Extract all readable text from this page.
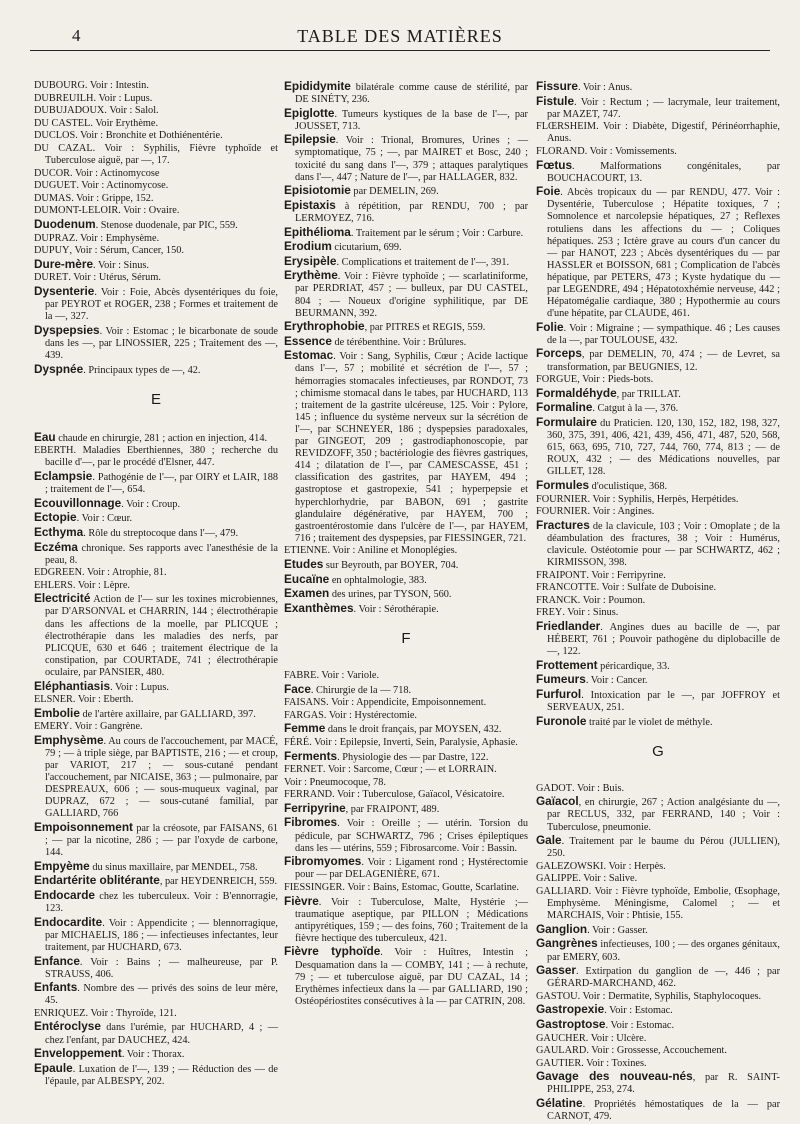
TABLE DES MATIÈRES
4
DUBOURG. Voir : Intestin.
DUBREUILH. Voir : Lupus.
DUBUJADOUX. Voir : Salol.
DU CASTEL. Voir Erythème.
DUCLOS. Voir : Bronchite et Dothiénentérie.
DU CAZAL. Voir : Syphilis, Fièvre typhoïde et Tuberculose aiguë, par —, 17.
DUCOR. Voir : Actinomycose
DUGUET. Voir : Actinomycose.
DUMAS. Voir : Grippe, 152.
DUMONT-LELOIR. Voir : Ovaire.
Duodenum. Stenose duodenale, par PIC, 559.
DUPRAZ. Voir : Emphysème.
DUPUY, Voir : Sérum, Cancer, 150.
Dure-mère. Voir : Sinus.
DURET. Voir : Utérus, Sérum.
Dysenterie. Voir : Foie, Abcès dysentériques du foie, par PEYROT et ROGER, 238 ; Formes et traitement de la —, 327.
Dyspepsies. Voir : Estomac ; le bicarbonate de soude dans les —, par LINOSSIER, 225 ; Traitement des —, 439.
Dyspnée. Principaux types de —, 42.
E
Eau chaude en chirurgie, 281 ; action en injection, 414.
EBERTH. Maladies Eberthiennes, 380 ; recherche du bacille d'—, par le procédé d'Elsner, 447.
Eclampsie. Pathogénie de l'—, par OIRY et LAIR, 188 ; traitement de l'—, 654.
Ecouvillonnage. Voir : Croup.
Ectopie. Voir : Cœur.
Ecthyma. Rôle du streptocoque dans l'—, 479.
Eczéma chronique. Ses rapports avec l'anesthésie de la peau, 8.
EDGREEN. Voir : Atrophie, 81.
EHLERS. Voir : Lèpre.
Electricité Action de l'— sur les toxines microbiennes, par D'ARSONVAL et CHARRIN, 144 ; électrothérapie dans les affections de la moelle, par PLICQUE ; électrothérapie dans les maladies des nerfs, par PLICQUE, 630 et 646 ; traitement électrique de la constipation, par COURTADE, 741 ; électrothérapie oculaire, par PANSIER, 480.
Eléphantiasis. Voir : Lupus.
ELSNER. Voir : Eberth.
Embolie de l'artère axillaire, par GALLIARD, 397.
EMERY. Voir : Gangrène.
Emphysème. Au cours de l'accouchement, par MACÉ, 79 ; — à triple siège, par BAPTISTE, 216 ; — et croup, par VARIOT, 217 ; — sous-cutané pendant l'accouchement, par NICAISE, 363 ; — pulmonaire, par DESPREAUX, 606 ; — sous-muqueux vaginal, par DUPRAZ, 672 ; — sous-cutané familial, par GALLIARD, 766
Empoisonnement par la créosote, par FAISANS, 61 ; — par la nicotine, 286 ; — par l'oxyde de carbone, 144.
Empyème du sinus maxillaire, par MENDEL, 758.
Endartérite oblitérante, par HEYDENREICH, 559.
Endocarde chez les tuberculeux. Voir : B'ennorragie, 123.
Endocardite. Voir : Appendicite ; — blennorragique, par MICHAELIS, 186 ; — infectieuses infectantes, leur traitement, par HUCHARD, 673.
Enfance. Voir : Bains ; — malheureuse, par P. STRAUSS, 406.
Enfants. Nombre des — privés des soins de leur mère, 45.
ENRIQUEZ. Voir : Thyroïde, 121.
Entéroclyse dans l'urémie, par HUCHARD, 4 ; — chez l'enfant, par DAUCHEZ, 424.
Enveloppement. Voir : Thorax.
Epaule. Luxation de l'—, 139 ; — Réduction des — de l'épaule, par ALBESPY, 202.
Epididymite bilatérale comme cause de stérilité, par DE SINÉTY, 236.
Epiglotte. Tumeurs kystiques de la base de l'—, par JOUSSET, 713.
Epilepsie. Voir : Trional, Bromures, Urines ; — symptomatique, 75 ; —, par MAIRET et Bosc, 240 ; toxicité du sang dans l'—, 379 ; attaques paralytiques dans l'—, 447 ; Nature de l'—, par HALLAGER, 832.
Episiotomie par DEMELIN, 269.
Epistaxis à répétition, par RENDU, 700 ; par LERMOYEZ, 716.
Epithélioma. Traitement par le sérum ; Voir : Carbure.
Erodium cicutarium, 699.
Erysipèle. Complications et traitement de l'—, 391.
Erythème. Voir : Fièvre typhoïde ; — scarlatiniforme, par PERDRIAT, 457 ; — bulleux, par DU CASTEL, 804 ; — Noueux d'origine syphilitique, par DE BEURMANN, 392.
Erythrophobie, par PITRES et REGIS, 559.
Essence de térébenthine. Voir : Brûlures.
Estomac. Voir : Sang, Syphilis, Cœur ; Acide lactique dans l'—, 57 ; mobilité et sécrétion de l'—, 57 ; hémorragies stomacales infectieuses, par RONDOT, 73 ; chimisme stomacal dans le tabes, par HUCHARD, 113 ; traitement de la gastrite ulcéreuse, 125. Voir : Pylore, 145 ; influence du système nerveux sur la sécrétion de l'—, par SCHNEYER, 186 ; dyspepsies paradoxales, par GINGEOT, 209 ; gastrodiaphonoscopie, par REVIDZOFF, 350 ; bactériologie des fièvres gastriques, 414 ; dilatation de l'—, par CAMESCASSE, 451 ; classification des gastrites, par HAYEM, 494 ; gastroptose et gastropexie, 541 ; hyperpepsie et hyperchlorhydrie, par BABON, 691 ; gastrite glandulaire dégénérative, par HAYEM, 700 ; gastroentérostomie dans l'ulcère de l'—, par HAYEM, 716 ; traitement des dyspepsies, par FIESSINGER, 721.
ETIENNE. Voir : Aniline et Monoplégies.
Etudes sur Beyrouth, par BOYER, 704.
Eucaïne en ophtalmologie, 383.
Examen des urines, par TYSON, 560.
Exanthèmes. Voir : Sérothérapie.
F
FABRE. Voir : Variole.
Face. Chirurgie de la — 718.
FAISANS. Voir : Appendicite, Empoisonnement.
FARGAS. Voir : Hystérectomie.
Femme dans le droit français, par MOYSEN, 432.
FÉRÉ. Voir : Epilepsie, Inverti, Sein, Paralysie, Aphasie.
Ferments. Physiologie des — par Dastre, 122.
FERNET. Voir : Sarcome, Cœur ; — et LORRAIN.
Voir : Pneumocoque, 78.
FERRAND. Voir : Tuberculose, Gaïacol, Vésicatoire.
Ferripyrine, par FRAIPONT, 489.
Fibromes. Voir : Oreille ; — utérin. Torsion du pédicule, par SCHWARTZ, 796 ; Crises épileptiques dans les — utérins, 559 ; Fibrosarcome. Voir : Bassin.
Fibromyomes. Voir : Ligament rond ; Hystérectomie pour — par DELAGENIÈRE, 671.
FIESSINGER. Voir : Bains, Estomac, Goutte, Scarlatine.
Fièvre. Voir : Tuberculose, Malte, Hystérie ;— traumatique aseptique, par PILLON ; Médications antipyrétiques, 159 ; — des foins, 760 ; Traitement de la fièvre hectique des tuberculeux, 421.
Fièvre typhoïde. Voir : Huîtres, Intestin ; Desquamation dans la — COMBY, 141 ; — à rechute, 79 ; — et tuberculose aiguë, par DU CAZAL, 14 ; Erythèmes infectieux dans la — par GALLIARD, 190 ; Ostéopériostites consécutives à la — par CATRIN, 208.
Fissure. Voir : Anus.
Fistule. Voir : Rectum ; — lacrymale, leur traitement, par MAZET, 747.
FLŒRSHEIM. Voir : Diabète, Digestif, Périnéorrhaphie, Anus.
FLORAND. Voir : Vomissements.
Fœtus. Malformations congénitales, par BOUCHACOURT, 13.
Foie. Abcès tropicaux du — par RENDU, 477. Voir : Dysentérie, Tuberculose ; Hépatite toxiques, 7 ; Somnolence et narcolepsie hépatiques, 27 ; Reflexes rotuliens dans les affections du — ; Coliques hépatiques. 253 ; Ictère grave au cours d'un cancer du — par HANOT, 223 ; Abcès dysentériques du — par HASSLER et BOISSON, 681 ; Complication de l'abcès hépatique, par PETERS, 473 ; Kyste hydatique du — par LEGENDRE, 494 ; Hépatotoxhémie nerveuse, 442 ; Hépatomégalie cardiaque, 380 ; Hypothermie au cours d'une hépatite, par CLAUDE, 461.
Folie. Voir : Migraine ; — sympathique. 46 ; Les causes de la —, par TOULOUSE, 432.
Forceps, par DEMELIN, 70, 474 ; — de Levret, sa transformation, par BEUGNIES, 12.
FORGUE, Voir : Pieds-bots.
Formaldéhyde, par TRILLAT.
Formaline. Catgut à la —, 376.
Formulaire du Praticien. 120, 130, 152, 182, 198, 327, 360, 375, 391, 406, 421, 439, 456, 471, 487, 520, 568, 615, 663, 695, 710, 727, 744, 760, 774, 813 ; — de ROUX, 432 ; — des Médications nouvelles, par GILLET, 128.
Formules d'oculistique, 368.
FOURNIER. Voir : Syphilis, Herpès, Herpétides.
FOURNIER. Voir : Angines.
Fractures de la clavicule, 103 ; Voir : Omoplate ; de la déambulation des fractures, 38 ; Voir : Humérus, clavicule. Ostéotomie pour — par SCHWARTZ, 462 ; KIRMISSON, 398.
FRAIPONT. Voir : Ferripyrine.
FRANCOTTE. Voir : Sulfate de Duboisine.
FRANCK. Voir : Poumon.
FREY. Voir : Sinus.
Friedlander. Angines dues au bacille de —, par HÉBERT, 761 ; Pouvoir pathogène du diplobacille de —, 122.
Frottement péricardique, 33.
Fumeurs. Voir : Cancer.
Furfurol. Intoxication par le —, par JOFFROY et SERVEAUX, 251.
Furonole traité par le violet de méthyle.
G
GADOT. Voir : Buis.
Gaïacol, en chirurgie, 267 ; Action analgésiante du —, par RECLUS, 332, par FERRAND, 140 ; Voir : Tuberculose, pneumonie.
Gale. Traitement par le baume du Pérou (JULLIEN), 250.
GALEZOWSKI. Voir : Herpès.
GALIPPE. Voir : Salive.
GALLIARD. Voir : Fièvre typhoïde, Embolie, Œsophage, Emphysème. Méningisme, Calomel ; — et MARCHAIS, Voir : Phtisie, 155.
Ganglion. Voir : Gasser.
Gangrènes infectieuses, 100 ; — des organes génitaux, par EMERY, 603.
Gasser. Extirpation du ganglion de —, 446 ; par GÉRARD-MARCHAND, 462.
GASTOU. Voir : Dermatite, Syphilis, Staphylocoques.
Gastropexie. Voir : Estomac.
Gastroptose. Voir : Estomac.
GAUCHER. Voir : Ulcère.
GAULARD. Voir : Grossesse, Accouchement.
GAUTIER. Voir : Toxines.
Gavage des nouveau-nés, par R. SAINT-PHILIPPE, 253, 274.
Gélatine. Propriétés hémostatiques de la — par CARNOT, 479.
